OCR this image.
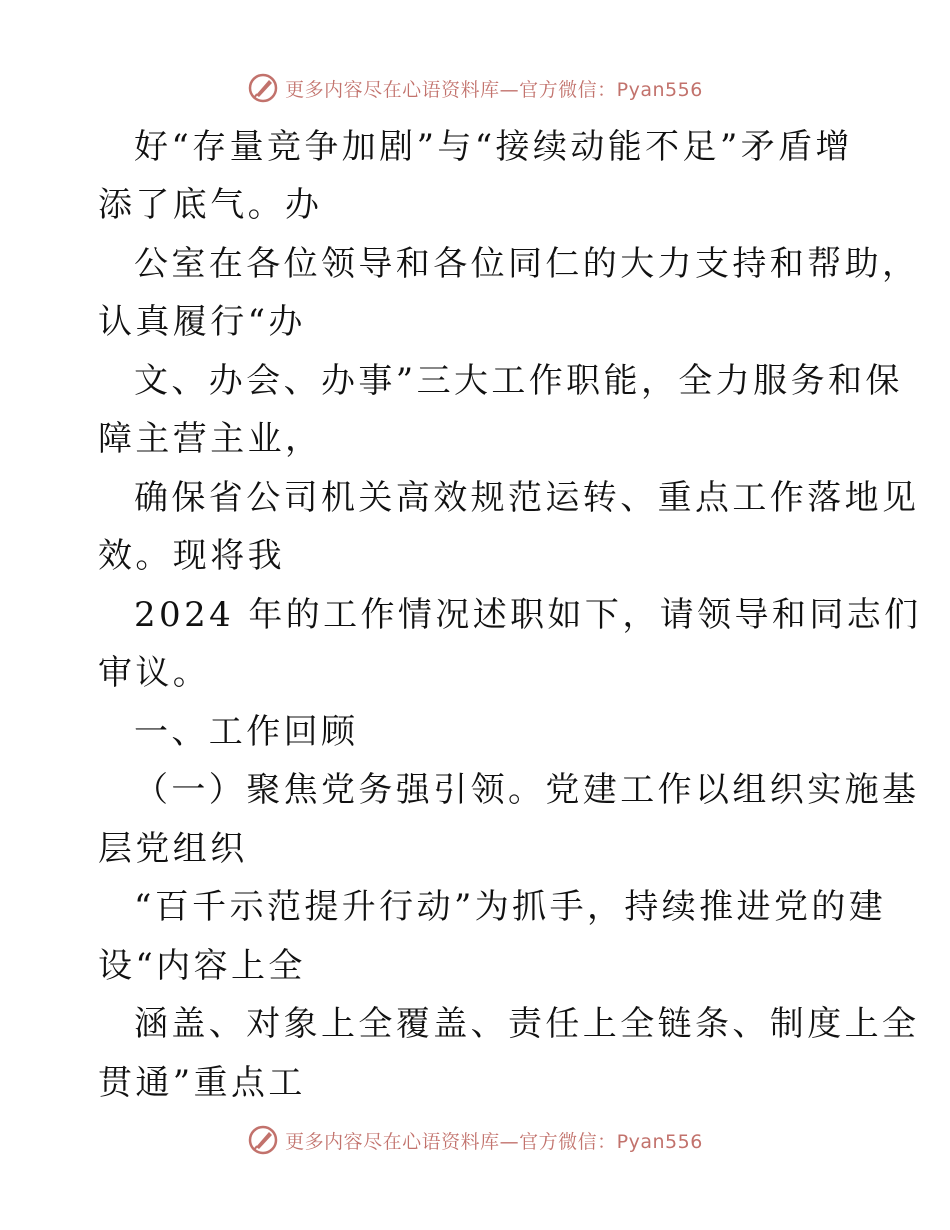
更多内容尽在心语资料库—官方微信：Pyan556
好“存量竞争加剧”与“接续动能不足”矛盾增
添了底气。办
公室在各位领导和各位同仁的大力支持和帮助，
认真履行“办
文、办会、办事”三大工作职能，全力服务和保
障主营主业，
确保省公司机关高效规范运转、重点工作落地见
效。现将我
2024 年的工作情况述职如下，请领导和同志们
审议。
一、工作回顾
（一）聚焦党务强引领。党建工作以组织实施基
层党组织
“百千示范提升行动”为抓手，持续推进党的建
设“内容上全
涵盖、对象上全覆盖、责任上全链条、制度上全
贯通”重点工
更多内容尽在心语资料库—官方微信：Pyan556
